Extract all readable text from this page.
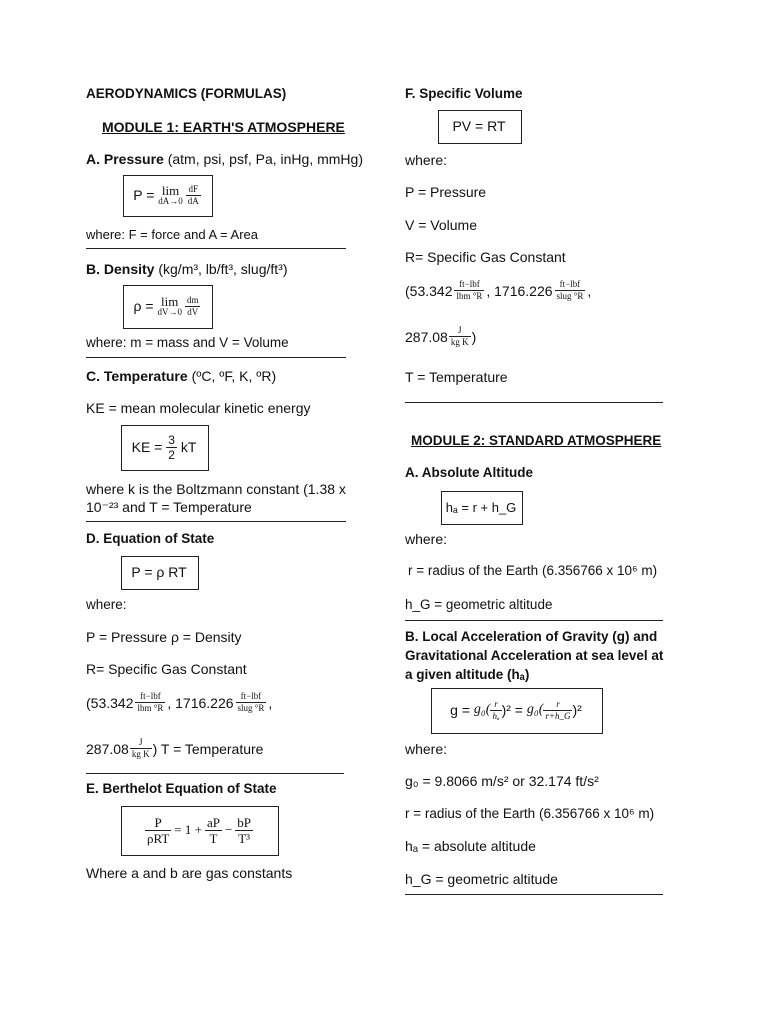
AERODYNAMICS (FORMULAS)
MODULE 1: EARTH'S ATMOSPHERE
A. Pressure (atm, psi, psf, Pa, inHg, mmHg)
P =
lim
$dA\to 0 \frac{dF}{dA}$
where: F = force and A = Area
B. Density (kg/m³, lb/ft³, slug/ft³)
ρ =
lim
$dV\to 0 \frac{dm}{dV}$
where: m = mass and V = Volume
C. Temperature (ºC, ºF, K, ºR)
KE = mean molecular kinetic energy
KE =
$\frac{3}{2}$
kT
where k is the Boltzmann constant (1.38 x
10⁻²³ and T = Temperature
D. Equation of State
P = ρ RT
where:
P = Pressure ρ = Density
R= Specific Gas Constant
($53.342 \frac{\text{ft−lbf}}{\text{lbm °R}}$ , $1716.226 \frac{\text{ft−lbf}}{\text{slug °R}}$ ,
$287.08 \frac{J}{\text{kg K}}$ ) T = Temperature
E. Berthelot Equation of State
$\frac{P}{\text{ρRT}} = 1 + \frac{aP}{T} - \frac{bP}{\text{T³}}$
Where a and b are gas constants
F. Specific Volume
PV = RT
where:
P = Pressure
V = Volume
R= Specific Gas Constant
($53.342 \frac{\text{ft−lbf}}{\text{lbm °R}}$ , $1716.226 \frac{\text{ft−lbf}}{\text{slug °R}}$ ,
$287.08 \frac{J}{\text{kg K}}$ )
T = Temperature
MODULE 2: STANDARD ATMOSPHERE
A. Absolute Altitude
hₐ = r + h_G
where:
r = radius of the Earth (6.356766 x 10⁶ m)
h_G = geometric altitude
B. Local Acceleration of Gravity (g) and
Gravitational Acceleration at sea level at
a given altitude (hₐ)
g =
$g_0( \frac{r}{\text{hₐ}} )^2$ =
$g_0( \frac{r}{r+h\_G} )^2$
where:
g₀ = 9.8066 m/s² or 32.174 ft/s²
r = radius of the Earth (6.356766 x 10⁶ m)
hₐ = absolute altitude
h_G = geometric altitude
